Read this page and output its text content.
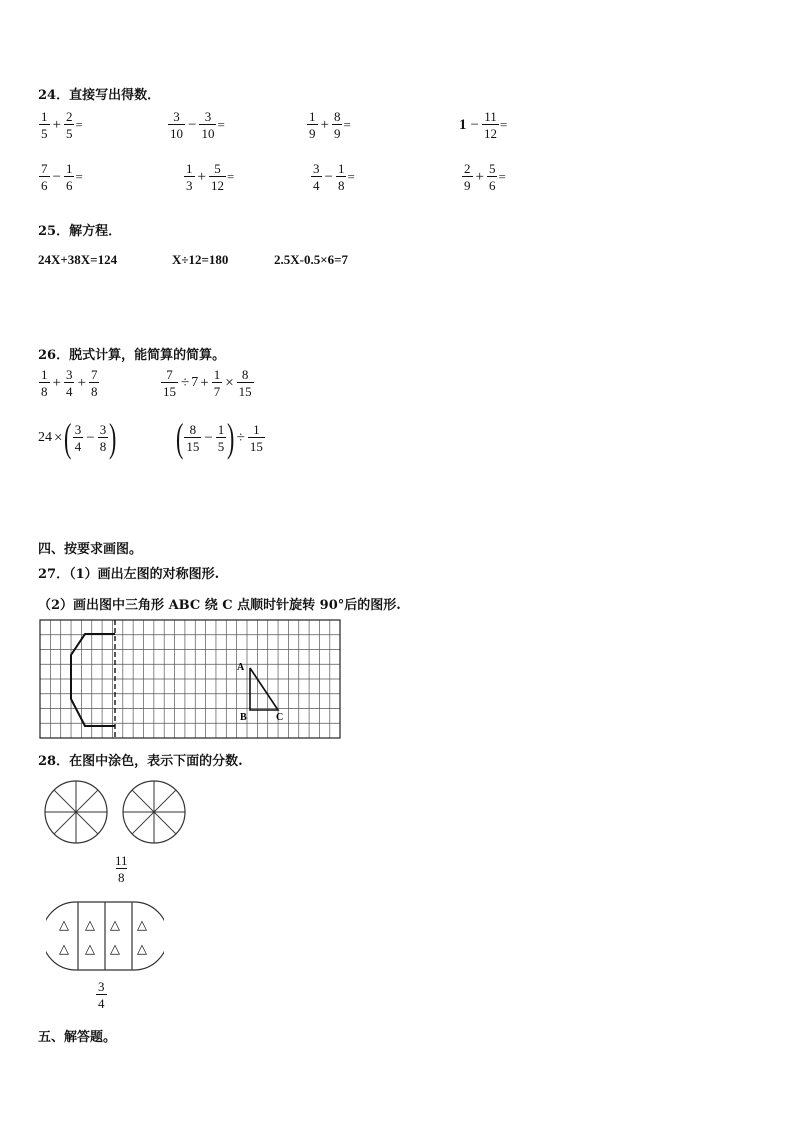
24．直接写出得数．
$\frac{1}{5} + \frac{2}{5}$ =	$\frac{3}{10} - \frac{3}{10}$ =	$\frac{1}{9} + \frac{8}{9}$ =	$1 - \frac{11}{12}$ =
$\frac{7}{6} - \frac{1}{6}$ =	$\frac{1}{3} + \frac{5}{12}$ =	$\frac{3}{4} - \frac{1}{8}$ =	$\frac{2}{9} + \frac{5}{6}$ =
25．解方程．
24X+38X=124	X÷12=180	2.5X-0.5×6=7
26．脱式计算，能简算的简算。
$\frac{1}{8} + \frac{3}{4} + \frac{7}{8}$	$\frac{7}{15} \div 7 + \frac{1}{7} \times \frac{8}{15}$
24 × ( $\frac{3}{4} - \frac{3}{8}$ ) ( $\frac{8}{15} - \frac{1}{5}$ ) ÷ $\frac{1}{15}$
四、按要求画图。
27．（1）画出左图的对称图形.
（2）画出图中三角形 ABC 绕 C 点顺时针旋转 90°后的图形.
A
B	C
28．在图中涂色，表示下面的分数.
$\frac{11}{8}$
△ △ △ △
△ △ △ △
$\frac{3}{4}$
五、解答题。
